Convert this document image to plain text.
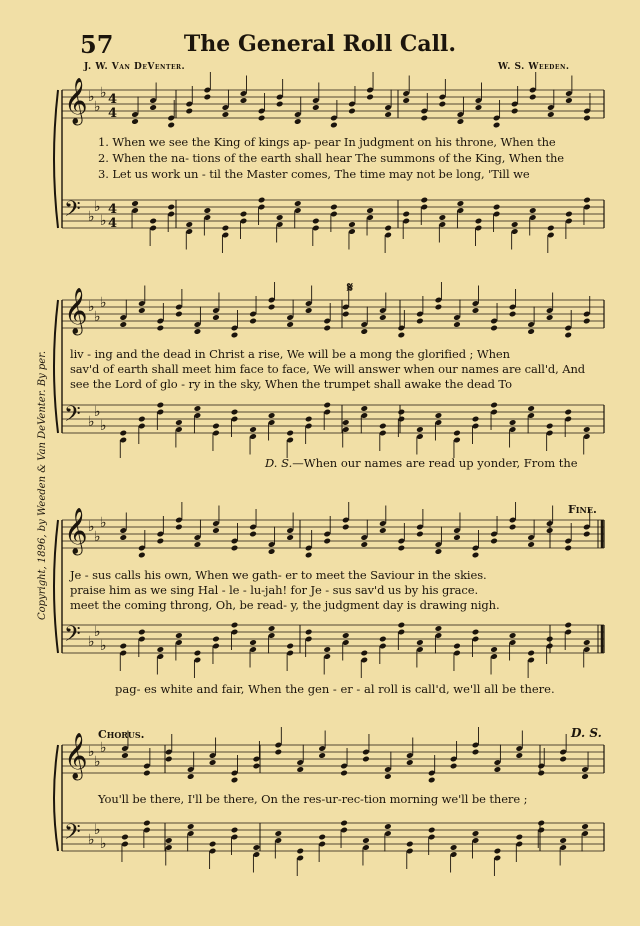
57	The General Roll Call.
J. W. Van DeVenter.	W. S. Weeden.
Copyright, 1896, by Weeden & Van DeVenter. By per.
𝄞
𝄢
♭
♭
♭
♭
♭
♭
4
4
4
4
𝄞
𝄢
♭
♭
♭
♭
♭
♭
𝄞
𝄢
♭
♭
♭
♭
♭
♭
𝄞
𝄢
♭
♭
♭
♭
♭
♭
1. When we see the King of kings ap- pear In judgment on his throne, When the
2. When the na- tions of the earth shall hear The summons of the King, When the
3. Let us work un - til the Master comes, The time may not be long, 'Till we
𝄋
liv - ing and the dead in Christ a rise, We will be a mong the glorified ; When
sav'd of earth shall meet him face to face, We will answer when our names are call'd, And
see the Lord of glo - ry in the sky, When the trumpet shall awake the dead To
D. S.—When our names are read up yonder, From the
Fine.
Je - sus calls his own, When we gath- er to meet the Saviour in the skies.
praise him as we sing Hal - le - lu-jah! for Je - sus sav'd us by his grace.
meet the coming throng, Oh, be read- y, the judgment day is drawing nigh.
pag- es white and fair, When the gen - er - al roll is call'd, we'll all be there.
Chorus.	D. S.
You'll be there, I'll be there, On the res-ur-rec-tion morning we'll be there ;
